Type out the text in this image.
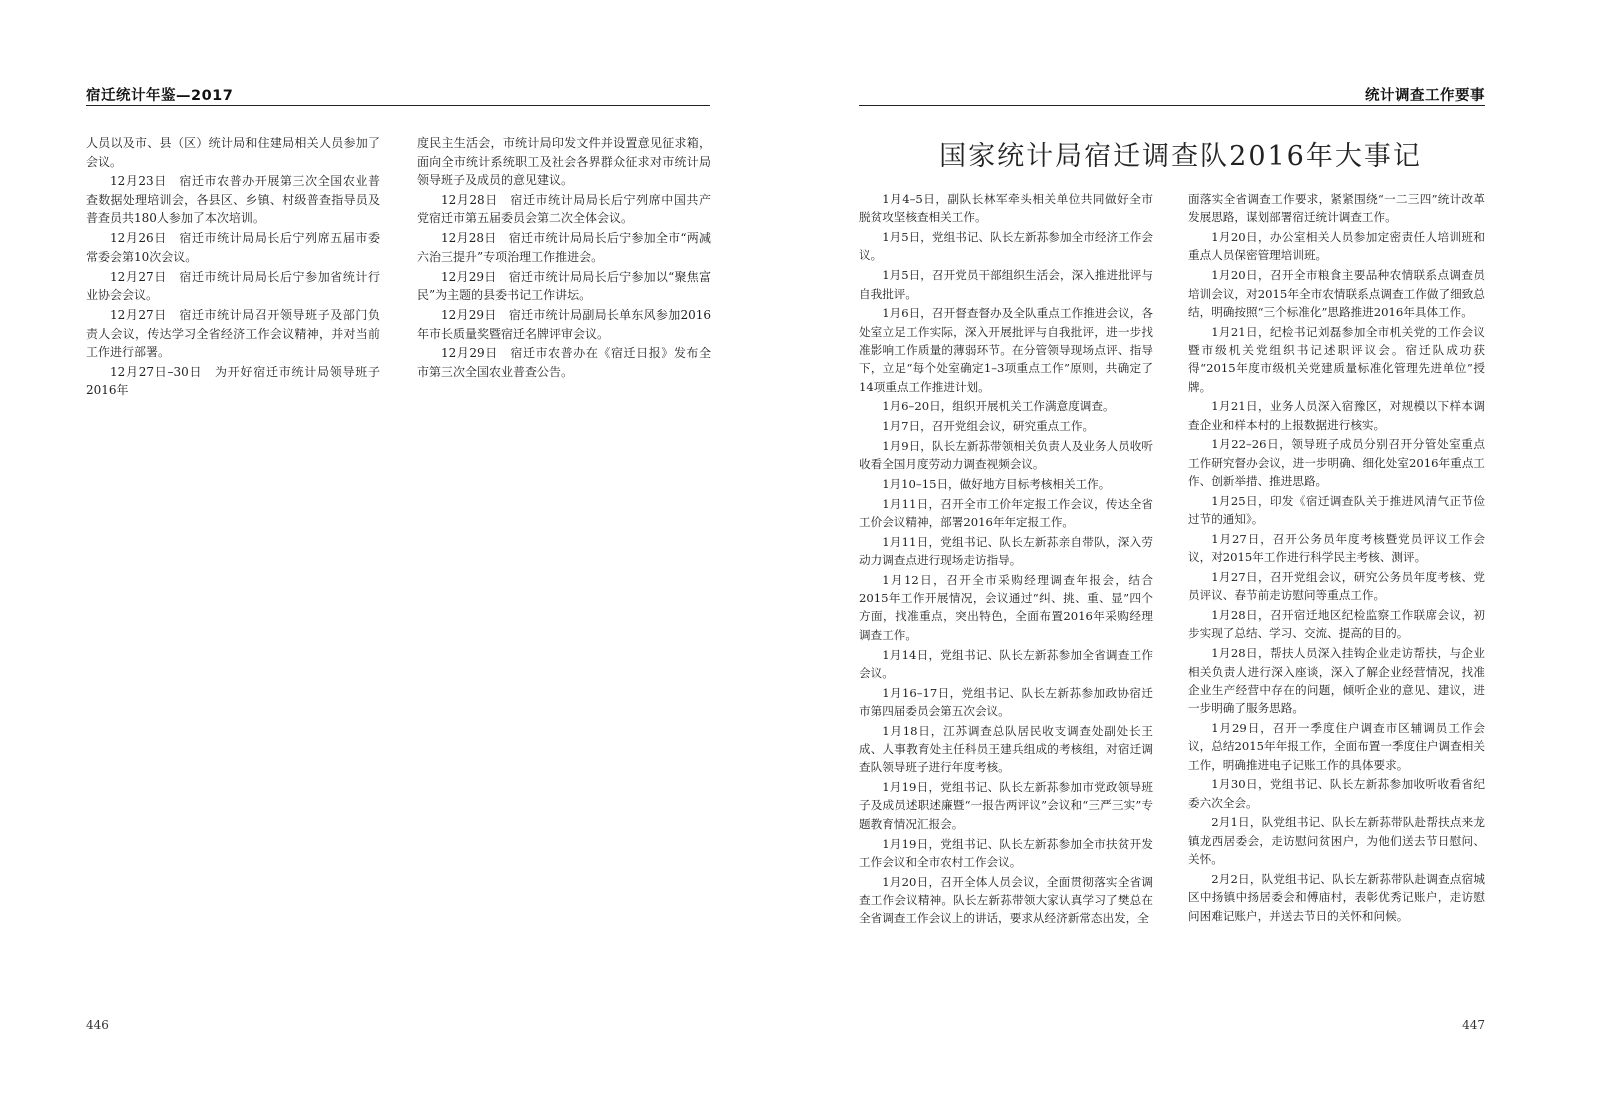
宿迁统计年鉴—2017

人员以及市、县（区）统计局和住建局相关人员参加了会议。

12月23日　宿迁市农普办开展第三次全国农业普查数据处理培训会，各县区、乡镇、村级普查指导员及普查员共180人参加了本次培训。

12月26日　宿迁市统计局局长后宁列席五届市委常委会第10次会议。

12月27日　宿迁市统计局局长后宁参加省统计行业协会会议。

12月27日　宿迁市统计局召开领导班子及部门负责人会议，传达学习全省经济工作会议精神，并对当前工作进行部署。

12月27日–30日　为开好宿迁市统计局领导班子2016年

度民主生活会，市统计局印发文件并设置意见征求箱，面向全市统计系统职工及社会各界群众征求对市统计局领导班子及成员的意见建议。

12月28日　宿迁市统计局局长后宁列席中国共产党宿迁市第五届委员会第二次全体会议。

12月28日　宿迁市统计局局长后宁参加全市“两减六治三提升”专项治理工作推进会。

12月29日　宿迁市统计局局长后宁参加以“聚焦富民”为主题的县委书记工作讲坛。

12月29日　宿迁市统计局副局长单东风参加2016年市长质量奖暨宿迁名牌评审会议。

12月29日　宿迁市农普办在《宿迁日报》发布全市第三次全国农业普查公告。

446
统计调查工作要事
国家统计局宿迁调查队2016年大事记

1月4–5日，副队长林军牵头相关单位共同做好全市脱贫攻坚核查相关工作。

1月5日，党组书记、队长左新荪参加全市经济工作会议。

1月5日，召开党员干部组织生活会，深入推进批评与自我批评。

1月6日，召开督查督办及全队重点工作推进会议，各处室立足工作实际，深入开展批评与自我批评，进一步找准影响工作质量的薄弱环节。在分管领导现场点评、指导下，立足“每个处室确定1–3项重点工作”原则，共确定了14项重点工作推进计划。

1月6–20日，组织开展机关工作满意度调查。

1月7日，召开党组会议，研究重点工作。

1月9日，队长左新荪带领相关负责人及业务人员收听收看全国月度劳动力调查视频会议。

1月10–15日，做好地方目标考核相关工作。

1月11日，召开全市工价年定报工作会议，传达全省工价会议精神，部署2016年年定报工作。

1月11日，党组书记、队长左新荪亲自带队，深入劳动力调查点进行现场走访指导。

1月12日，召开全市采购经理调查年报会，结合2015年工作开展情况，会议通过“纠、挑、重、显”四个方面，找准重点，突出特色，全面布置2016年采购经理调查工作。

1月14日，党组书记、队长左新荪参加全省调查工作会议。

1月16–17日，党组书记、队长左新荪参加政协宿迁市第四届委员会第五次会议。

1月18日，江苏调查总队居民收支调查处副处长王成、人事教育处主任科员王建兵组成的考核组，对宿迁调查队领导班子进行年度考核。

1月19日，党组书记、队长左新荪参加市党政领导班子及成员述职述廉暨“一报告两评议”会议和“三严三实”专题教育情况汇报会。

1月19日，党组书记、队长左新荪参加全市扶贫开发工作会议和全市农村工作会议。

1月20日，召开全体人员会议，全面贯彻落实全省调查工作会议精神。队长左新荪带领大家认真学习了樊总在全省调查工作会议上的讲话，要求从经济新常态出发，全

面落实全省调查工作要求，紧紧围绕“一二三四”统计改革发展思路，谋划部署宿迁统计调查工作。

1月20日，办公室相关人员参加定密责任人培训班和重点人员保密管理培训班。

1月20日，召开全市粮食主要品种农情联系点调查员培训会议，对2015年全市农情联系点调查工作做了细致总结，明确按照“三个标准化”思路推进2016年具体工作。

1月21日，纪检书记刘磊参加全市机关党的工作会议暨市级机关党组织书记述职评议会。宿迁队成功获得“2015年度市级机关党建质量标准化管理先进单位”授牌。

1月21日，业务人员深入宿豫区，对规模以下样本调查企业和样本村的上报数据进行核实。

1月22–26日，领导班子成员分别召开分管处室重点工作研究督办会议，进一步明确、细化处室2016年重点工作、创新举措、推进思路。

1月25日，印发《宿迁调查队关于推进风清气正节俭过节的通知》。

1月27日，召开公务员年度考核暨党员评议工作会议，对2015年工作进行科学民主考核、测评。

1月27日，召开党组会议，研究公务员年度考核、党员评议、春节前走访慰问等重点工作。

1月28日，召开宿迁地区纪检监察工作联席会议，初步实现了总结、学习、交流、提高的目的。

1月28日，帮扶人员深入挂钩企业走访帮扶，与企业相关负责人进行深入座谈，深入了解企业经营情况，找准企业生产经营中存在的问题，倾听企业的意见、建议，进一步明确了服务思路。

1月29日，召开一季度住户调查市区辅调员工作会议，总结2015年年报工作，全面布置一季度住户调查相关工作，明确推进电子记账工作的具体要求。

1月30日，党组书记、队长左新荪参加收听收看省纪委六次全会。

2月1日，队党组书记、队长左新荪带队赴帮扶点来龙镇龙西居委会，走访慰问贫困户，为他们送去节日慰问、关怀。

2月2日，队党组书记、队长左新荪带队赴调查点宿城区中扬镇中扬居委会和傅庙村，表彰优秀记账户，走访慰问困难记账户，并送去节日的关怀和问候。

447
